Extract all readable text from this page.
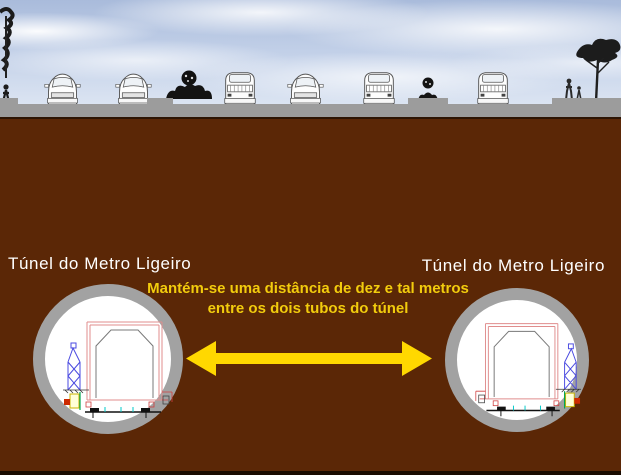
Túnel do Metro Ligeiro	Túnel do Metro Ligeiro
Mantém-se uma distância de dez e tal metros
entre os dois tubos do túnel
